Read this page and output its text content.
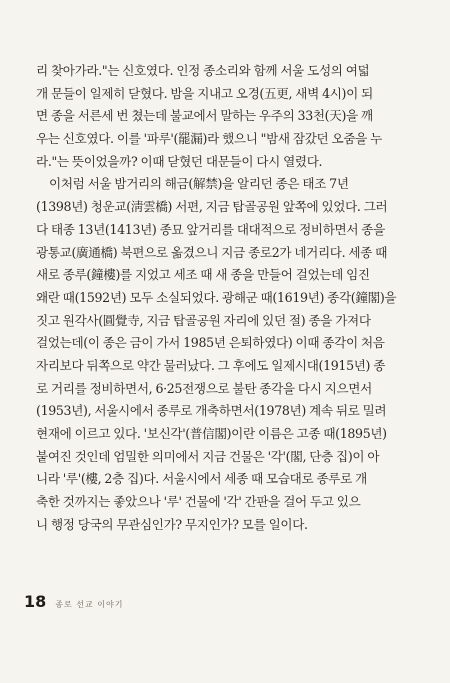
리 찾아가라."는 신호였다. 인정 종소리와 함께 서울 도성의 여덟
개 문들이 일제히 닫혔다. 밤을 지내고 오경(五更, 새벽 4시)이 되
면 종을 서른세 번 쳤는데 불교에서 말하는 우주의 33천(天)을 깨
우는 신호였다. 이를 '파루'(罷漏)라 했으니 "밤새 잠갔던 오줌을 누
라."는 뜻이었을까? 이때 닫혔던 대문들이 다시 열렸다.
이처럼 서울 밤거리의 해금(解禁)을 알리던 종은 태조 7년
(1398년) 청운교(淸雲橋) 서편, 지금 탑골공원 앞쪽에 있었다. 그러
다 태종 13년(1413년) 종묘 앞거리를 대대적으로 정비하면서 종을
광통교(廣通橋) 북편으로 옮겼으니 지금 종로2가 네거리다. 세종 때
새로 종루(鐘樓)를 지었고 세조 때 새 종을 만들어 걸었는데 임진
왜란 때(1592년) 모두 소실되었다. 광해군 때(1619년) 종각(鐘閣)을
짓고 원각사(圓覺寺, 지금 탑골공원 자리에 있던 절) 종을 가져다
걸었는데(이 종은 금이 가서 1985년 은퇴하였다) 이때 종각이 처음
자리보다 뒤쪽으로 약간 물러났다. 그 후에도 일제시대(1915년) 종
로 거리를 정비하면서, 6·25전쟁으로 불탄 종각을 다시 지으면서
(1953년), 서울시에서 종루로 개축하면서(1978년) 계속 뒤로 밀려
현재에 이르고 있다. '보신각'(普信閣)이란 이름은 고종 때(1895년)
붙여진 것인데 엄밀한 의미에서 지금 건물은 '각'(閣, 단층 집)이 아
니라 '루'(樓, 2층 집)다. 서울시에서 세종 때 모습대로 종루로 개
축한 것까지는 좋았으나 '루' 건물에 '각' 간판을 걸어 두고 있으
니 행정 당국의 무관심인가? 무지인가? 모를 일이다.
18 종로 선교 이야기
